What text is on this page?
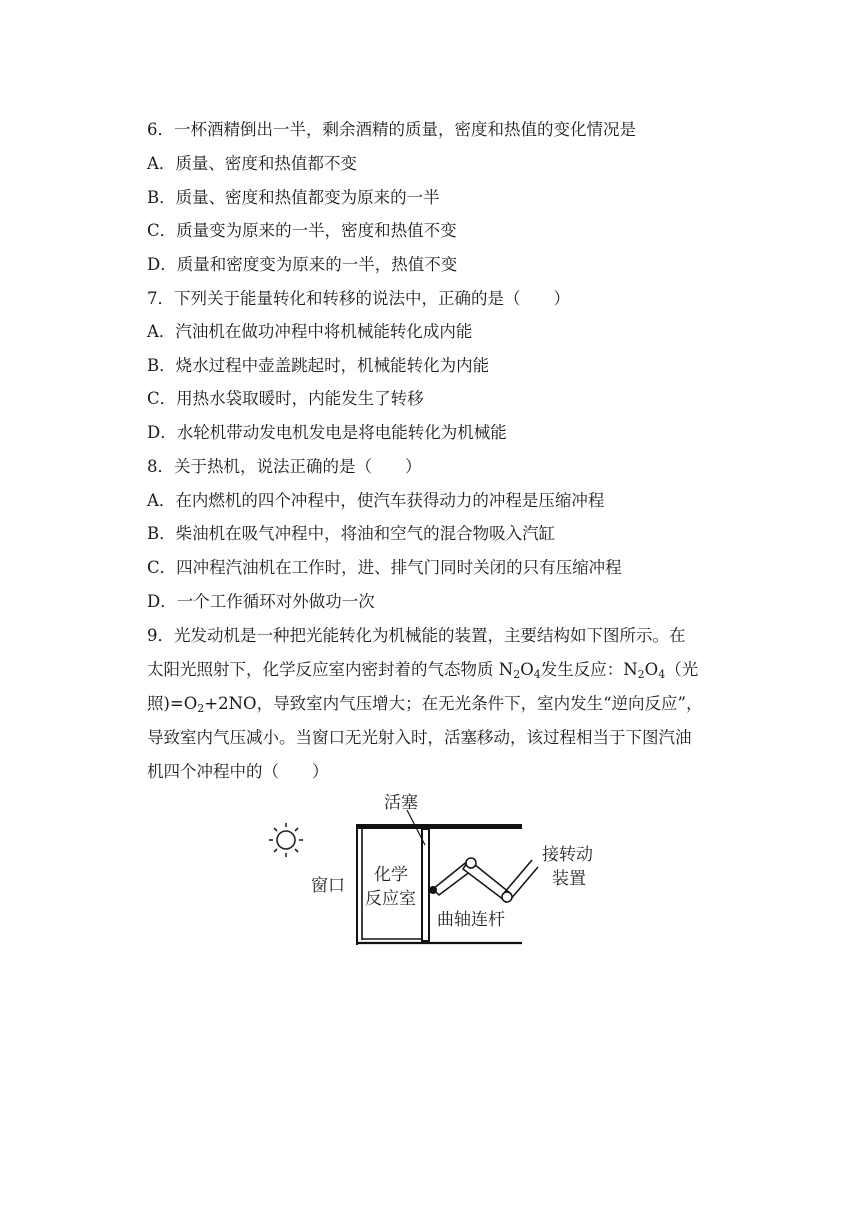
6．一杯酒精倒出一半，剩余酒精的质量，密度和热值的变化情况是
A．质量、密度和热值都不变
B．质量、密度和热值都变为原来的一半
C．质量变为原来的一半，密度和热值不变
D．质量和密度变为原来的一半，热值不变
7．下列关于能量转化和转移的说法中，正确的是（　　）
A．汽油机在做功冲程中将机械能转化成内能
B．烧水过程中壶盖跳起时，机械能转化为内能
C．用热水袋取暖时，内能发生了转移
D．水轮机带动发电机发电是将电能转化为机械能
8．关于热机，说法正确的是（　　）
A．在内燃机的四个冲程中，使汽车获得动力的冲程是压缩冲程
B．柴油机在吸气冲程中，将油和空气的混合物吸入汽缸
C．四冲程汽油机在工作时，进、排气门同时关闭的只有压缩冲程
D．一个工作循环对外做功一次
9．光发动机是一种把光能转化为机械能的装置，主要结构如下图所示。在
太阳光照射下，化学反应室内密封着的气态物质 $N_2O_4$发生反应：$N_2O_4$（光
照)$=O_2+2NO$，导致室内气压增大；在无光条件下，室内发生“逆向反应”，
导致室内气压减小。当窗口无光射入时，活塞移动，该过程相当于下图汽油
机四个冲程中的（　　）
活塞
窗口
化学
反应室
曲轴连杆
接转动
装置
